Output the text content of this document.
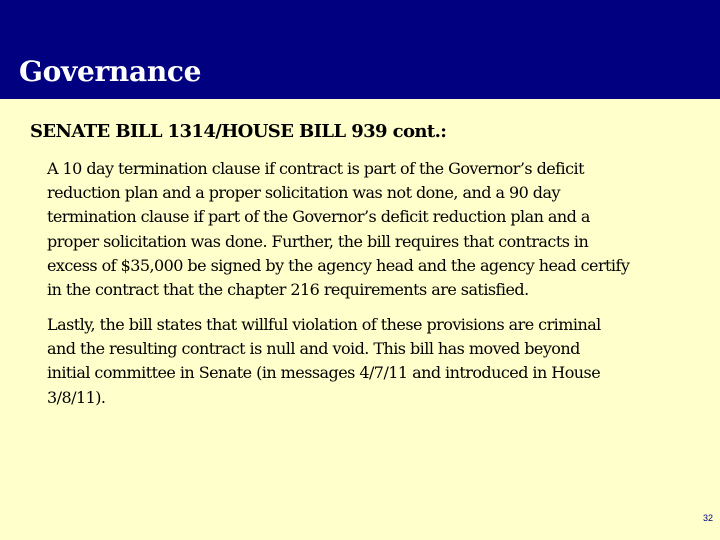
Governance
SENATE BILL 1314/HOUSE BILL 939 cont.:

A 10 day termination clause if contract is part of the Governor’s deficit
reduction plan and a proper solicitation was not done, and a 90 day
termination clause if part of the Governor’s deficit reduction plan and a
proper solicitation was done. Further, the bill requires that contracts in
excess of $35,000 be signed by the agency head and the agency head certify
in the contract that the chapter 216 requirements are satisfied.

Lastly, the bill states that willful violation of these provisions are criminal
and the resulting contract is null and void. This bill has moved beyond
initial committee in Senate (in messages 4/7/11 and introduced in House
3/8/11).

32
